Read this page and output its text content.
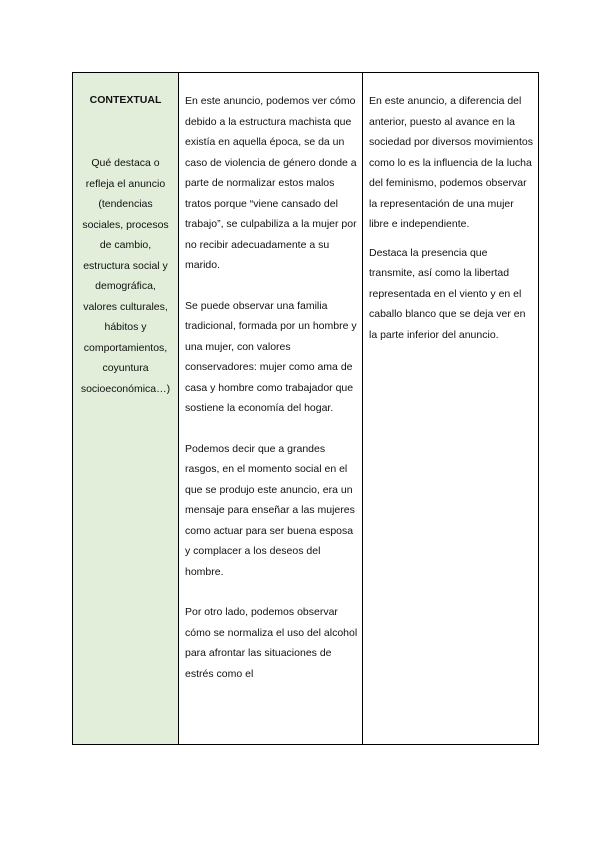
CONTEXTUAL
Qué destaca o refleja el anuncio (tendencias sociales, procesos de cambio, estructura social y demográfica, valores culturales, hábitos y comportamientos, coyuntura socioeconómica…)

En este anuncio, podemos ver cómo debido a la estructura machista que existía en aquella época, se da un caso de violencia de género donde a parte de normalizar estos malos tratos porque “viene cansado del trabajo”, se culpabiliza a la mujer por no recibir adecuadamente a su marido.

Se puede observar una familia tradicional, formada por un hombre y una mujer, con valores conservadores: mujer como ama de casa y hombre como trabajador que sostiene la economía del hogar.

Podemos decir que a grandes rasgos, en el momento social en el que se produjo este anuncio, era un mensaje para enseñar a las mujeres como actuar para ser buena esposa y complacer a los deseos del hombre.

Por otro lado, podemos observar cómo se normaliza el uso del alcohol para afrontar las situaciones de estrés como el

En este anuncio, a diferencia del anterior, puesto al avance en la sociedad por diversos movimientos como lo es la influencia de la lucha del feminismo, podemos observar la representación de una mujer libre e independiente.

Destaca la presencia que transmite, así como la libertad representada en el viento y en el caballo blanco que se deja ver en la parte inferior del anuncio.
